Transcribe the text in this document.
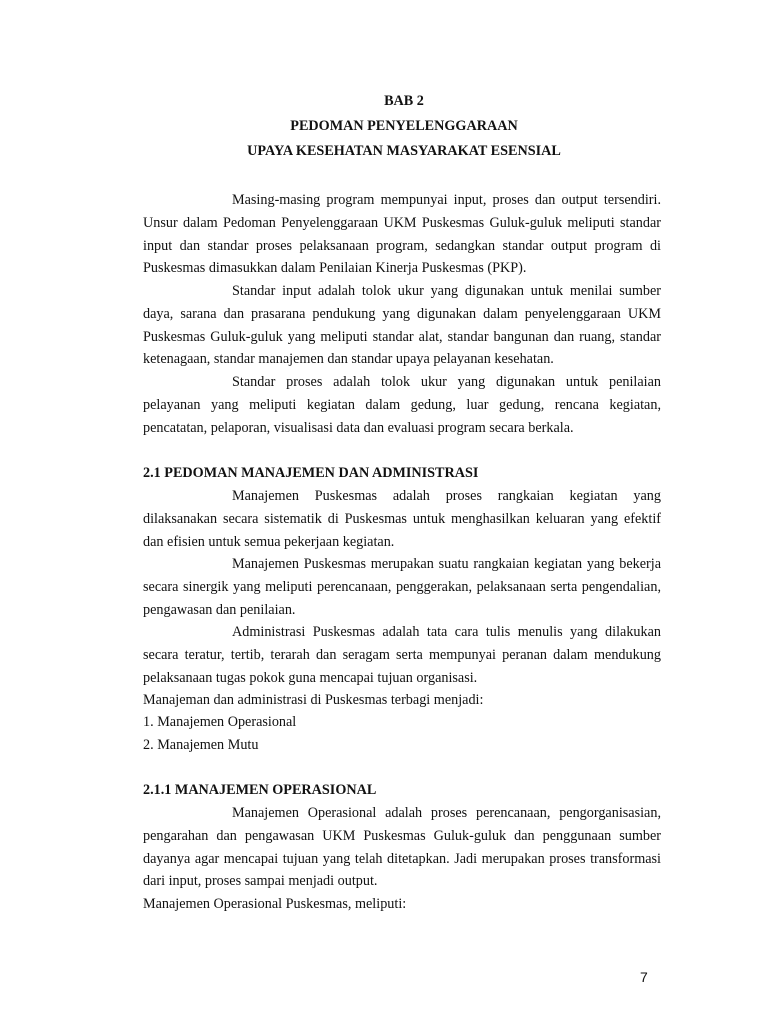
BAB 2

PEDOMAN PENYELENGGARAAN

UPAYA KESEHATAN MASYARAKAT ESENSIAL

Masing-masing program mempunyai input, proses dan output tersendiri. Unsur dalam Pedoman Penyelenggaraan UKM Puskesmas Guluk-guluk meliputi standar input dan standar proses pelaksanaan program, sedangkan standar output program di Puskesmas dimasukkan dalam Penilaian Kinerja Puskesmas (PKP).

Standar input adalah tolok ukur yang digunakan untuk menilai sumber daya, sarana dan prasarana pendukung yang digunakan dalam penyelenggaraan UKM Puskesmas Guluk-guluk yang meliputi standar alat, standar bangunan dan ruang, standar ketenagaan, standar manajemen dan standar upaya pelayanan kesehatan.

Standar proses adalah tolok ukur yang digunakan untuk penilaian pelayanan yang meliputi kegiatan dalam gedung, luar gedung, rencana kegiatan, pencatatan, pelaporan, visualisasi data dan evaluasi program secara berkala.

2.1 PEDOMAN MANAJEMEN DAN ADMINISTRASI

Manajemen Puskesmas adalah proses rangkaian kegiatan yang dilaksanakan secara sistematik di Puskesmas untuk menghasilkan keluaran yang efektif dan efisien untuk semua pekerjaan kegiatan.

Manajemen Puskesmas merupakan suatu rangkaian kegiatan yang bekerja secara sinergik yang meliputi perencanaan, penggerakan, pelaksanaan serta pengendalian, pengawasan dan penilaian.

Administrasi Puskesmas adalah tata cara tulis menulis yang dilakukan secara teratur, tertib, terarah dan seragam serta mempunyai peranan dalam mendukung pelaksanaan tugas pokok guna mencapai tujuan organisasi.

Manajeman dan administrasi di Puskesmas terbagi menjadi:

1. Manajemen Operasional

2. Manajemen Mutu

2.1.1 MANAJEMEN OPERASIONAL

Manajemen Operasional adalah proses perencanaan, pengorganisasian, pengarahan dan pengawasan UKM Puskesmas Guluk-guluk dan penggunaan sumber dayanya agar mencapai tujuan yang telah ditetapkan. Jadi merupakan proses transformasi dari input, proses sampai menjadi output.

Manajemen Operasional Puskesmas, meliputi:

7
